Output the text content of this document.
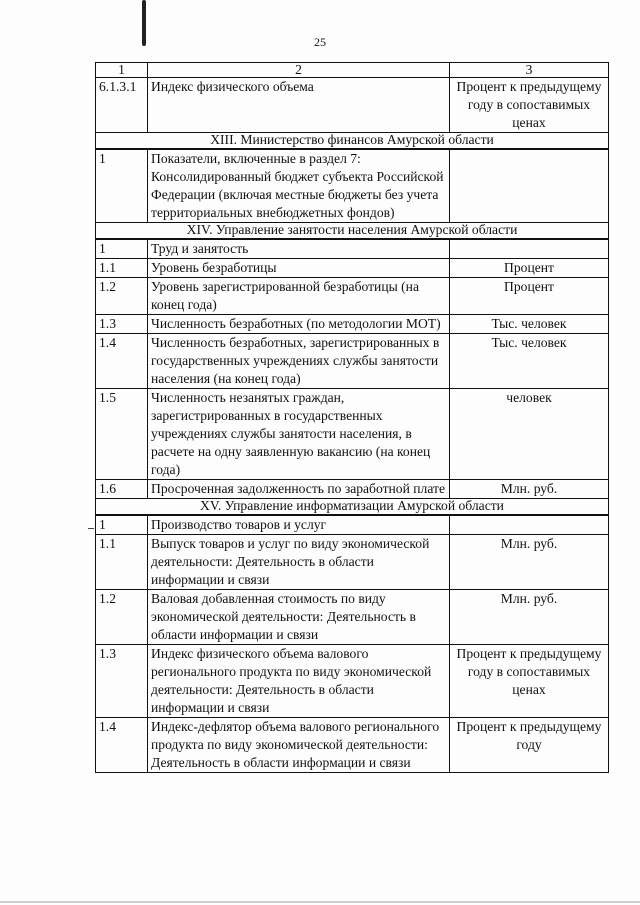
25
1	2	3
6.1.3.1	Индекс физического объема	Процент к предыдущему году в сопоставимых ценах
XIII. Министерство финансов Амурской области		
1	Показатели, включенные в раздел 7: Консолидированный бюджет субъекта Российской Федерации (включая местные бюджеты без учета территориальных внебюджетных фондов)	
XIV. Управление занятости населения Амурской области		
1	Труд и занятость	
1.1	Уровень безработицы	Процент
1.2	Уровень зарегистрированной безработицы (на конец года)	Процент
1.3	Численность безработных (по методологии МОТ)	Тыс. человек
1.4	Численность безработных, зарегистрированных в государственных учреждениях службы занятости населения (на конец года)	Тыс. человек
1.5	Численность незанятых граждан, зарегистрированных в государственных учреждениях службы занятости населения, в расчете на одну заявленную вакансию (на конец года)	человек
1.6	Просроченная задолженность по заработной плате	Млн. руб.
XV. Управление информатизации Амурской области		
1	Производство товаров и услуг	
1.1	Выпуск товаров и услуг по виду экономической деятельности: Деятельность в области информации и связи	Млн. руб.
1.2	Валовая добавленная стоимость по виду экономической деятельности: Деятельность в области информации и связи	Млн. руб.
1.3	Индекс физического объема валового регионального продукта по виду экономической деятельности: Деятельность в области информации и связи	Процент к предыдущему году в сопоставимых ценах
1.4	Индекс-дефлятор объема валового регионального продукта по виду экономической деятельности: Деятельность в области информации и связи	Процент к предыдущему году
